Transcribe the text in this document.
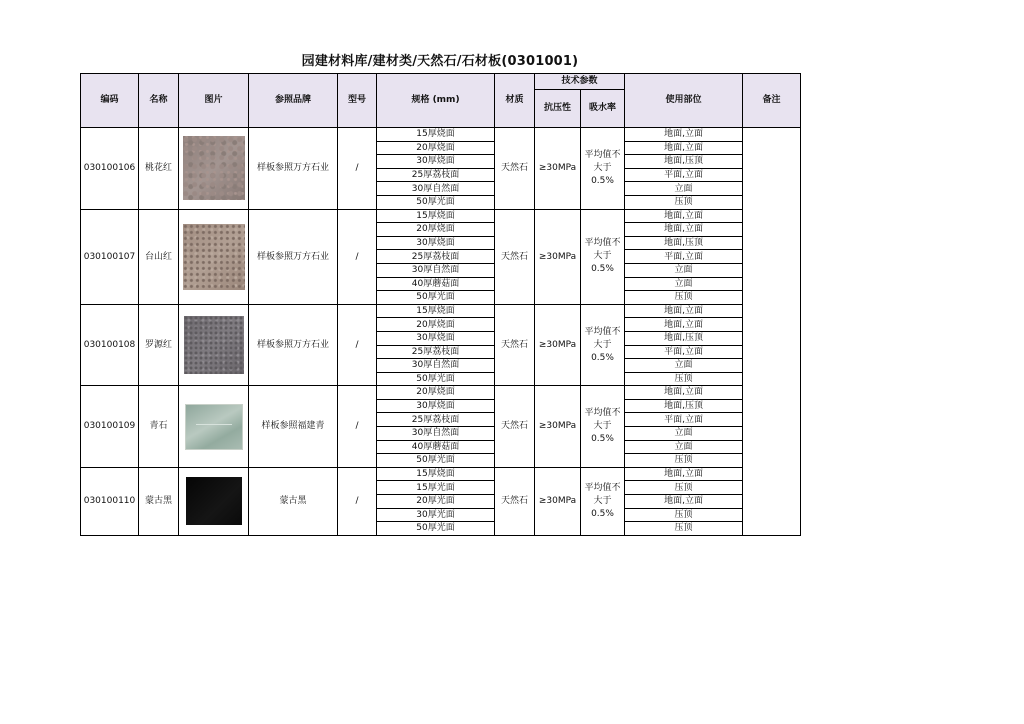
园建材料库/建材类/天然石/石材板(0301001)
编码	名称	图片	参照品牌	型号	规格 (mm)	材质	技术参数		使用部位	备注
							抗压性	吸水率		
030100106	桃花红		样板参照万方石业	/	15厚烧面	天然石	≥30MPa	平均值不大于0.5%	地面,立面	
					20厚烧面				地面,立面	
					30厚烧面				地面,压顶	
					25厚荔枝面				平面,立面	
					30厚自然面				立面	
					50厚光面				压顶	
030100107	台山红		样板参照万方石业	/	15厚烧面	天然石	≥30MPa	平均值不大于0.5%	地面,立面	
					20厚烧面				地面,立面	
					30厚烧面				地面,压顶	
					25厚荔枝面				平面,立面	
					30厚自然面				立面	
					40厚蘑菇面				立面	
					50厚光面				压顶	
030100108	罗源红		样板参照万方石业	/	15厚烧面	天然石	≥30MPa	平均值不大于0.5%	地面,立面	
					20厚烧面				地面,立面	
					30厚烧面				地面,压顶	
					25厚荔枝面				平面,立面	
					30厚自然面				立面	
					50厚光面				压顶	
030100109	青石		样板参照福建青	/	20厚烧面	天然石	≥30MPa	平均值不大于0.5%	地面,立面	
					30厚烧面				地面,压顶	
					25厚荔枝面				平面,立面	
					30厚自然面				立面	
					40厚蘑菇面				立面	
					50厚光面				压顶	
030100110	蒙古黑		蒙古黑	/	15厚烧面	天然石	≥30MPa	平均值不大于0.5%	地面,立面	
					15厚光面				压顶	
					20厚光面				地面,立面	
					30厚光面				压顶	
					50厚光面				压顶	
